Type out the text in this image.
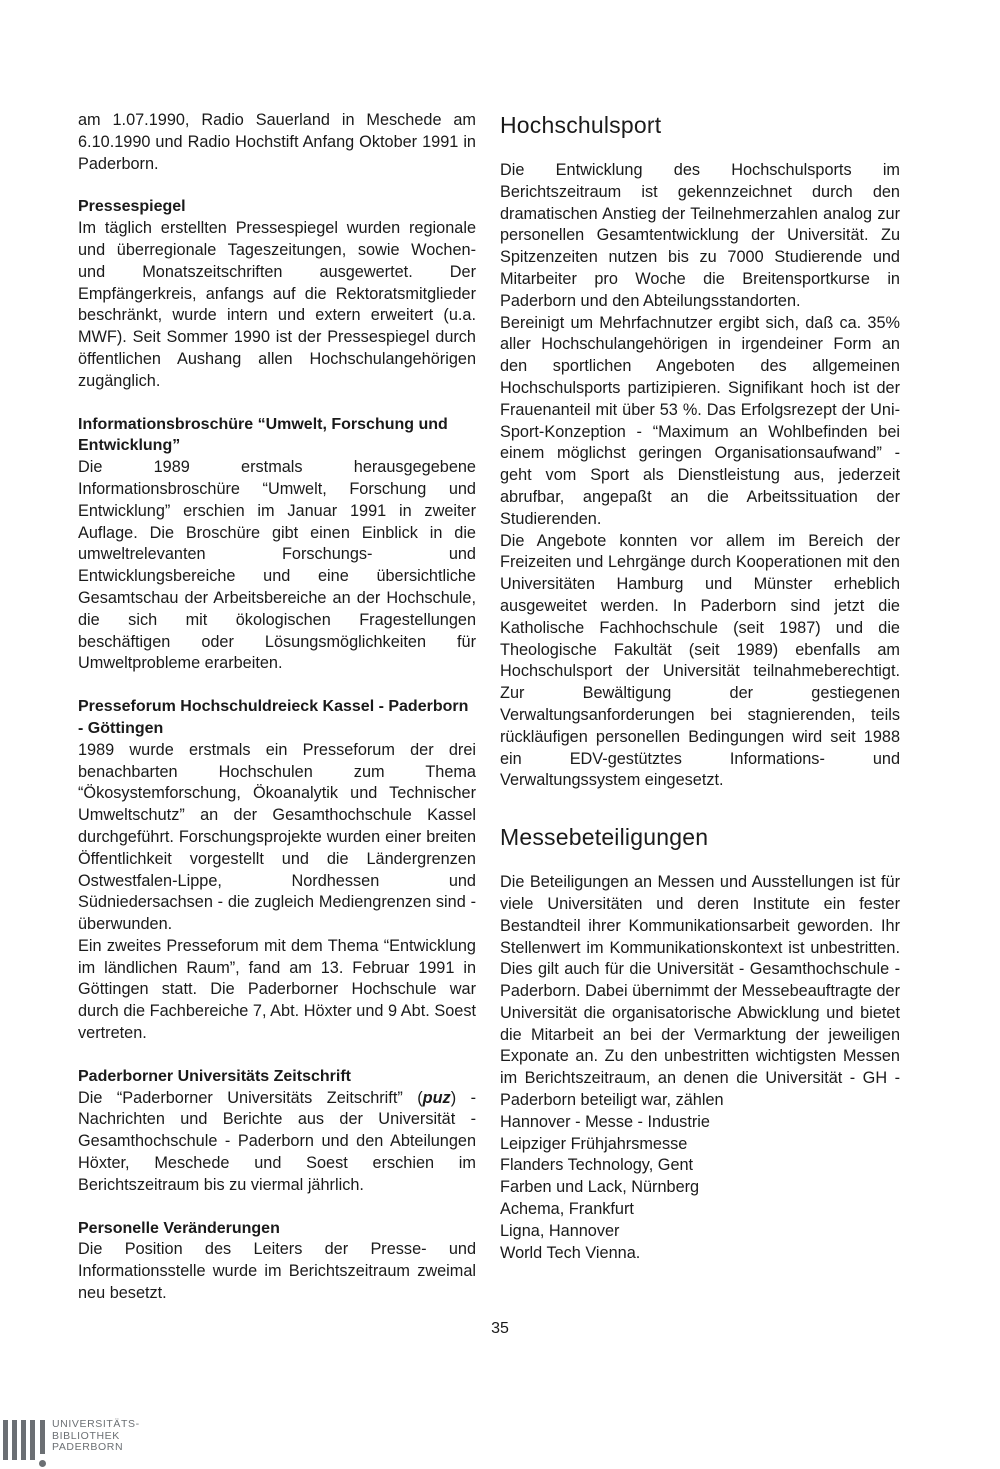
am 1.07.1990, Radio Sauerland in Meschede am 6.10.1990 und Radio Hochstift Anfang Oktober 1991 in Paderborn.

Pressespiegel

Im täglich erstellten Pressespiegel wurden regionale und überregionale Tageszeitungen, sowie Wochen- und Monatszeitschriften ausgewertet. Der Empfängerkreis, anfangs auf die Rektoratsmitglieder beschränkt, wurde intern und extern erweitert (u.a. MWF). Seit Sommer 1990 ist der Pressespiegel durch öffentlichen Aushang allen Hochschulangehörigen zugänglich.

Informationsbroschüre “Umwelt, Forschung und Entwicklung”

Die 1989 erstmals herausgegebene Informationsbroschüre “Umwelt, Forschung und Entwicklung” erschien im Januar 1991 in zweiter Auflage. Die Broschüre gibt einen Einblick in die umweltrelevanten Forschungs- und Entwicklungsbereiche und eine übersichtliche Gesamtschau der Arbeitsbereiche an der Hochschule, die sich mit ökologischen Fragestellungen beschäftigen oder Lösungsmöglichkeiten für Umweltprobleme erarbeiten.

Presseforum Hochschuldreieck Kassel - Paderborn - Göttingen

1989 wurde erstmals ein Presseforum der drei benachbarten Hochschulen zum Thema “Ökosystemforschung, Ökoanalytik und Technischer Umweltschutz” an der Gesamthochschule Kassel durchgeführt. Forschungsprojekte wurden einer breiten Öffentlichkeit vorgestellt und die Ländergrenzen Ostwestfalen-Lippe, Nordhessen und Südniedersachsen - die zugleich Mediengrenzen sind - überwunden.

Ein zweites Presseforum mit dem Thema “Entwicklung im ländlichen Raum”, fand am 13. Februar 1991 in Göttingen statt. Die Paderborner Hochschule war durch die Fachbereiche 7, Abt. Höxter und 9 Abt. Soest vertreten.

Paderborner Universitäts Zeitschrift

Die “Paderborner Universitäts Zeitschrift” (puz) - Nachrichten und Berichte aus der Universität - Gesamthochschule - Paderborn und den Abteilungen Höxter, Meschede und Soest erschien im Berichtszeitraum bis zu viermal jährlich.

Personelle Veränderungen

Die Position des Leiters der Presse- und Informationsstelle wurde im Berichtszeitraum zweimal neu besetzt.

Hochschulsport

Die Entwicklung des Hochschulsports im Berichtszeitraum ist gekennzeichnet durch den dramatischen Anstieg der Teilnehmerzahlen analog zur personellen Gesamtentwicklung der Universität. Zu Spitzenzeiten nutzen bis zu 7000 Studierende und Mitarbeiter pro Woche die Breitensportkurse in Paderborn und den Abteilungsstandorten.

Bereinigt um Mehrfachnutzer ergibt sich, daß ca. 35% aller Hochschulangehörigen in irgendeiner Form an den sportlichen Angeboten des allgemeinen Hochschulsports partizipieren. Signifikant hoch ist der Frauenanteil mit über 53 %. Das Erfolgsrezept der Uni-Sport-Konzeption - “Maximum an Wohlbefinden bei einem möglichst geringen Organisationsaufwand” - geht vom Sport als Dienstleistung aus, jederzeit abrufbar, angepaßt an die Arbeitssituation der Studierenden.

Die Angebote konnten vor allem im Bereich der Freizeiten und Lehrgänge durch Kooperationen mit den Universitäten Hamburg und Münster erheblich ausgeweitet werden. In Paderborn sind jetzt die Katholische Fachhochschule (seit 1987) und die Theologische Fakultät (seit 1989) ebenfalls am Hochschulsport der Universität teilnahmeberechtigt. Zur Bewältigung der gestiegenen Verwaltungsanforderungen bei stagnierenden, teils rückläufigen personellen Bedingungen wird seit 1988 ein EDV-gestütztes Informations- und Verwaltungssystem eingesetzt.

Messebeteiligungen

Die Beteiligungen an Messen und Ausstellungen ist für viele Universitäten und deren Institute ein fester Bestandteil ihrer Kommunikationsarbeit geworden. Ihr Stellenwert im Kommunikationskontext ist unbestritten. Dies gilt auch für die Universität - Gesamthochschule - Paderborn. Dabei übernimmt der Messebeauftragte der Universität die organisatorische Abwicklung und bietet die Mitarbeit an bei der Vermarktung der jeweiligen Exponate an. Zu den unbestritten wichtigsten Messen im Berichtszeitraum, an denen die Universität - GH - Paderborn beteiligt war, zählen

Hannover - Messe - Industrie
Leipziger Frühjahrsmesse
Flanders Technology, Gent
Farben und Lack, Nürnberg
Achema, Frankfurt
Ligna, Hannover
World Tech Vienna.
35
UNIVERSITÄTS-
BIBLIOTHEK
PADERBORN
